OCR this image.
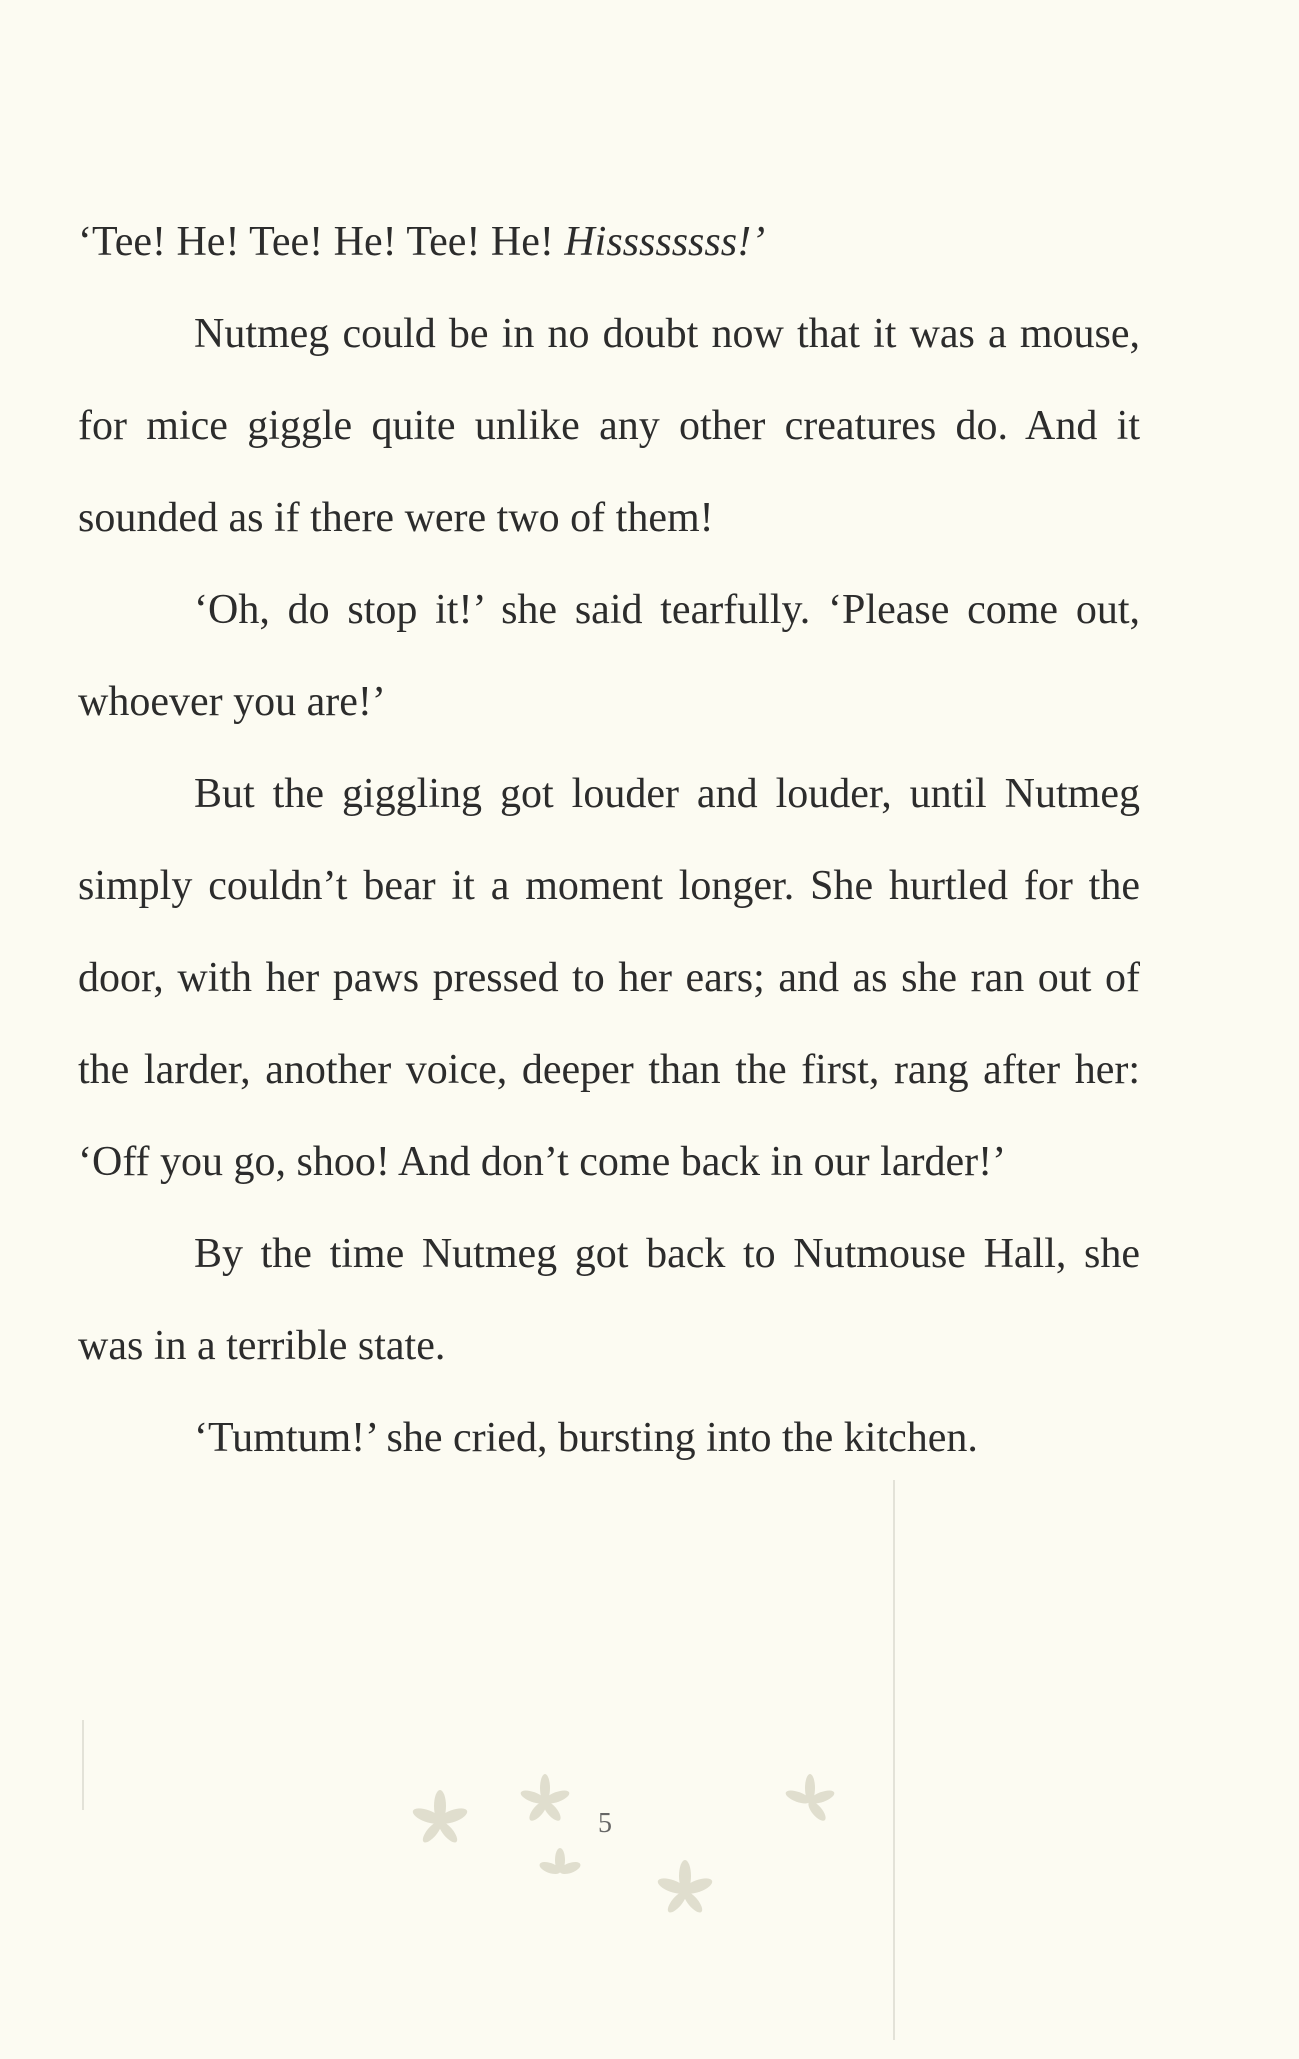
‘Tee! He! Tee! He! Tee! He! Hissssssss!’

Nutmeg could be in no doubt now that it was a mouse, for mice giggle quite unlike any other creatures do. And it sounded as if there were two of them!

‘Oh, do stop it!’ she said tearfully. ‘Please come out, whoever you are!’

But the giggling got louder and louder, until Nutmeg simply couldn’t bear it a moment longer. She hurtled for the door, with her paws pressed to her ears; and as she ran out of the larder, another voice, deeper than the first, rang after her: ‘Off you go, shoo! And don’t come back in our larder!’

By the time Nutmeg got back to Nutmouse Hall, she was in a terrible state.

‘Tumtum!’ she cried, bursting into the kitchen.

5
